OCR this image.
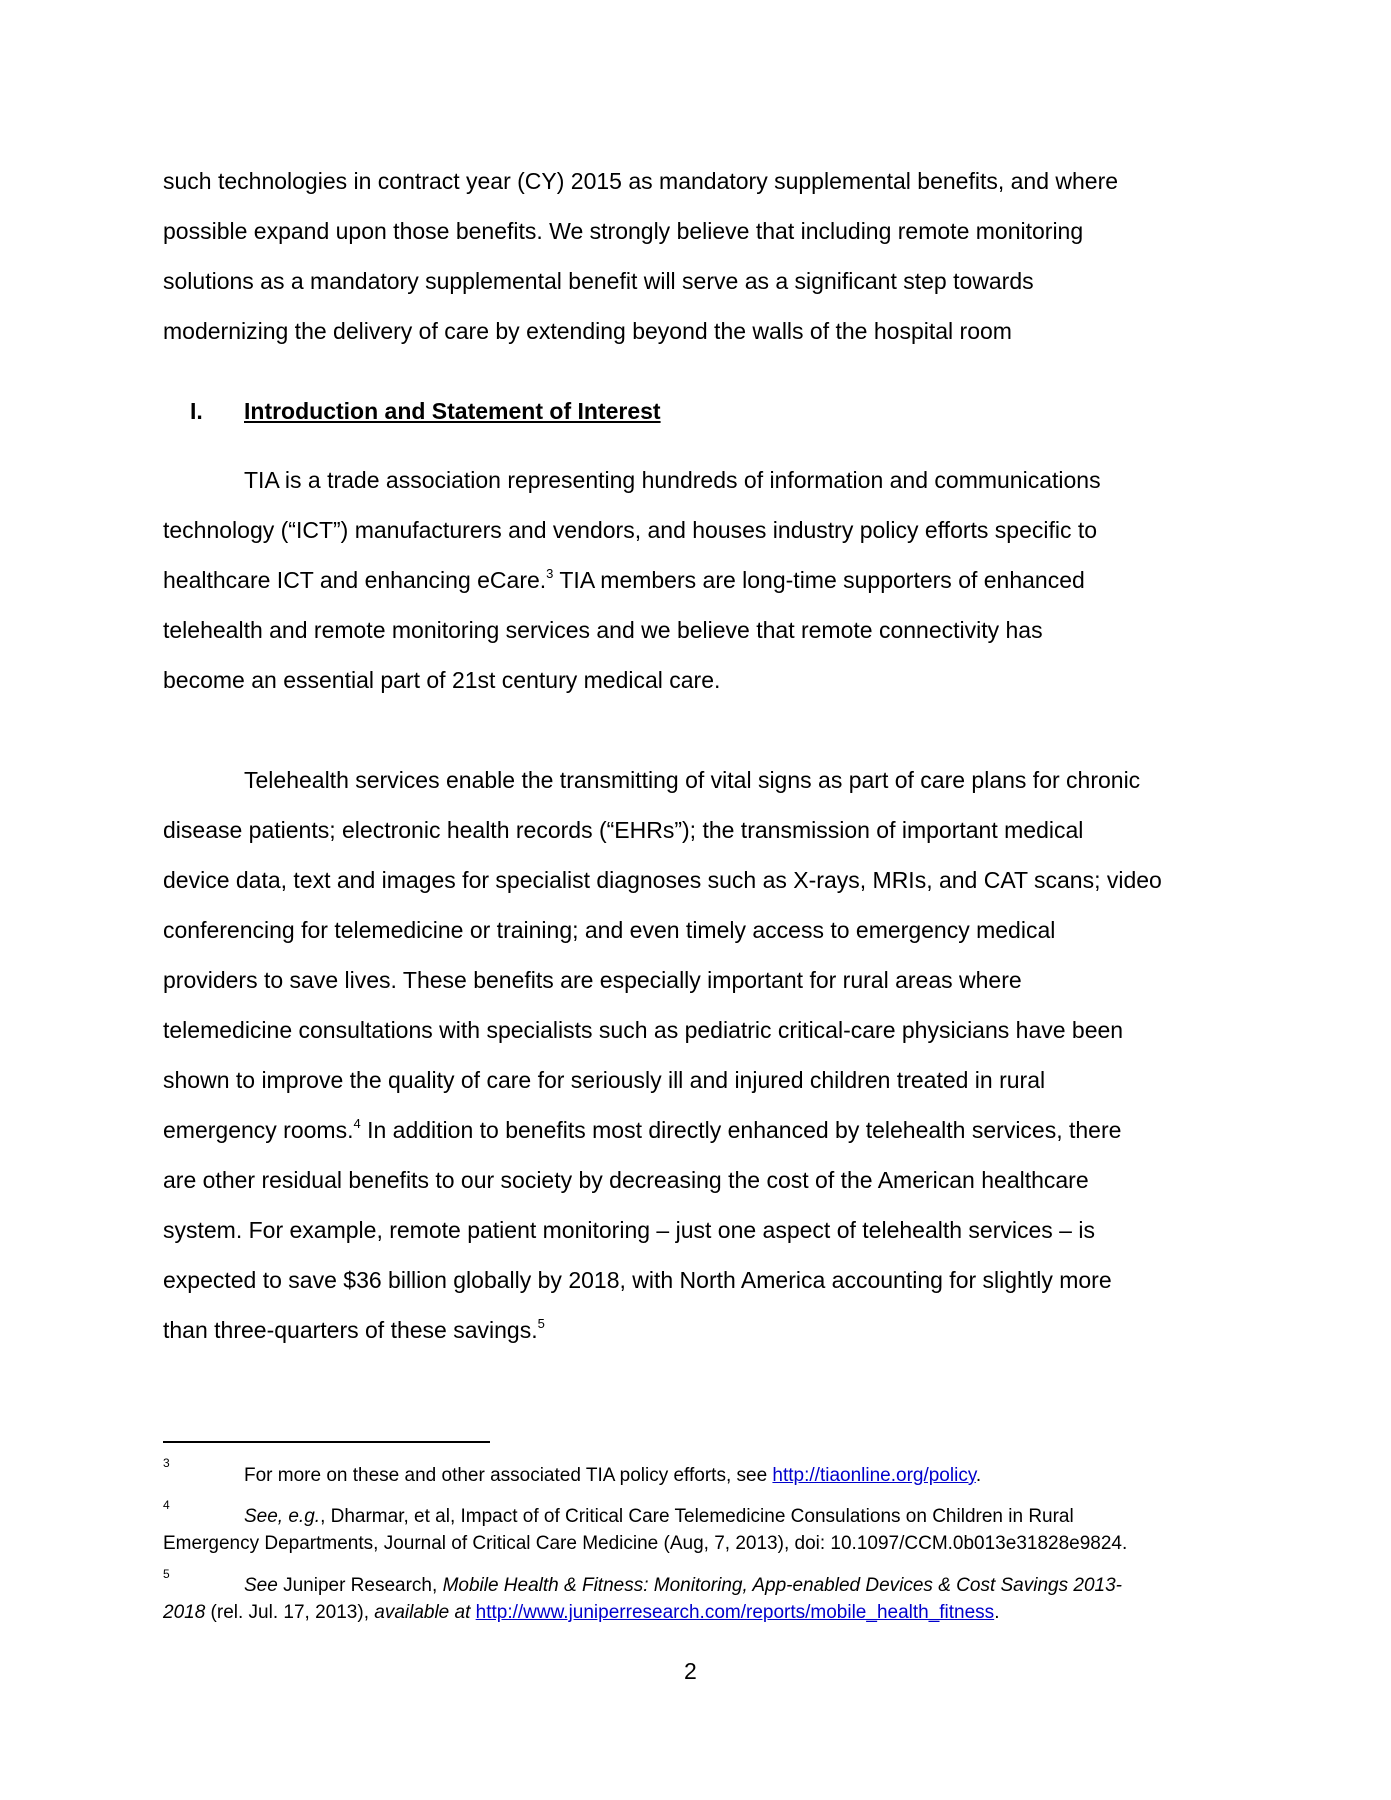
such technologies in contract year (CY) 2015 as mandatory supplemental benefits, and where
possible expand upon those benefits. We strongly believe that including remote monitoring
solutions as a mandatory supplemental benefit will serve as a significant step towards
modernizing the delivery of care by extending beyond the walls of the hospital room
I. Introduction and Statement of Interest
TIA is a trade association representing hundreds of information and communications
technology (“ICT”) manufacturers and vendors, and houses industry policy efforts specific to
healthcare ICT and enhancing eCare.$^3$ TIA members are long-time supporters of enhanced
telehealth and remote monitoring services and we believe that remote connectivity has
become an essential part of 21st century medical care.
Telehealth services enable the transmitting of vital signs as part of care plans for chronic
disease patients; electronic health records (“EHRs”); the transmission of important medical
device data, text and images for specialist diagnoses such as X-rays, MRIs, and CAT scans; video
conferencing for telemedicine or training; and even timely access to emergency medical
providers to save lives. These benefits are especially important for rural areas where
telemedicine consultations with specialists such as pediatric critical-care physicians have been
shown to improve the quality of care for seriously ill and injured children treated in rural
emergency rooms.$^4$ In addition to benefits most directly enhanced by telehealth services, there
are other residual benefits to our society by decreasing the cost of the American healthcare
system. For example, remote patient monitoring – just one aspect of telehealth services – is
expected to save $36 billion globally by 2018, with North America accounting for slightly more
than three-quarters of these savings.$^5$
3
For more on these and other associated TIA policy efforts, see http://tiaonline.org/policy.
4
See, e.g., Dharmar, et al, Impact of of Critical Care Telemedicine Consulations on Children in Rural
Emergency Departments, Journal of Critical Care Medicine (Aug, 7, 2013), doi: 10.1097/CCM.0b013e31828e9824.
5
See Juniper Research, Mobile Health & Fitness: Monitoring, App-enabled Devices & Cost Savings 2013-
2018 (rel. Jul. 17, 2013), available at http://www.juniperresearch.com/reports/mobile_health_fitness.
2
